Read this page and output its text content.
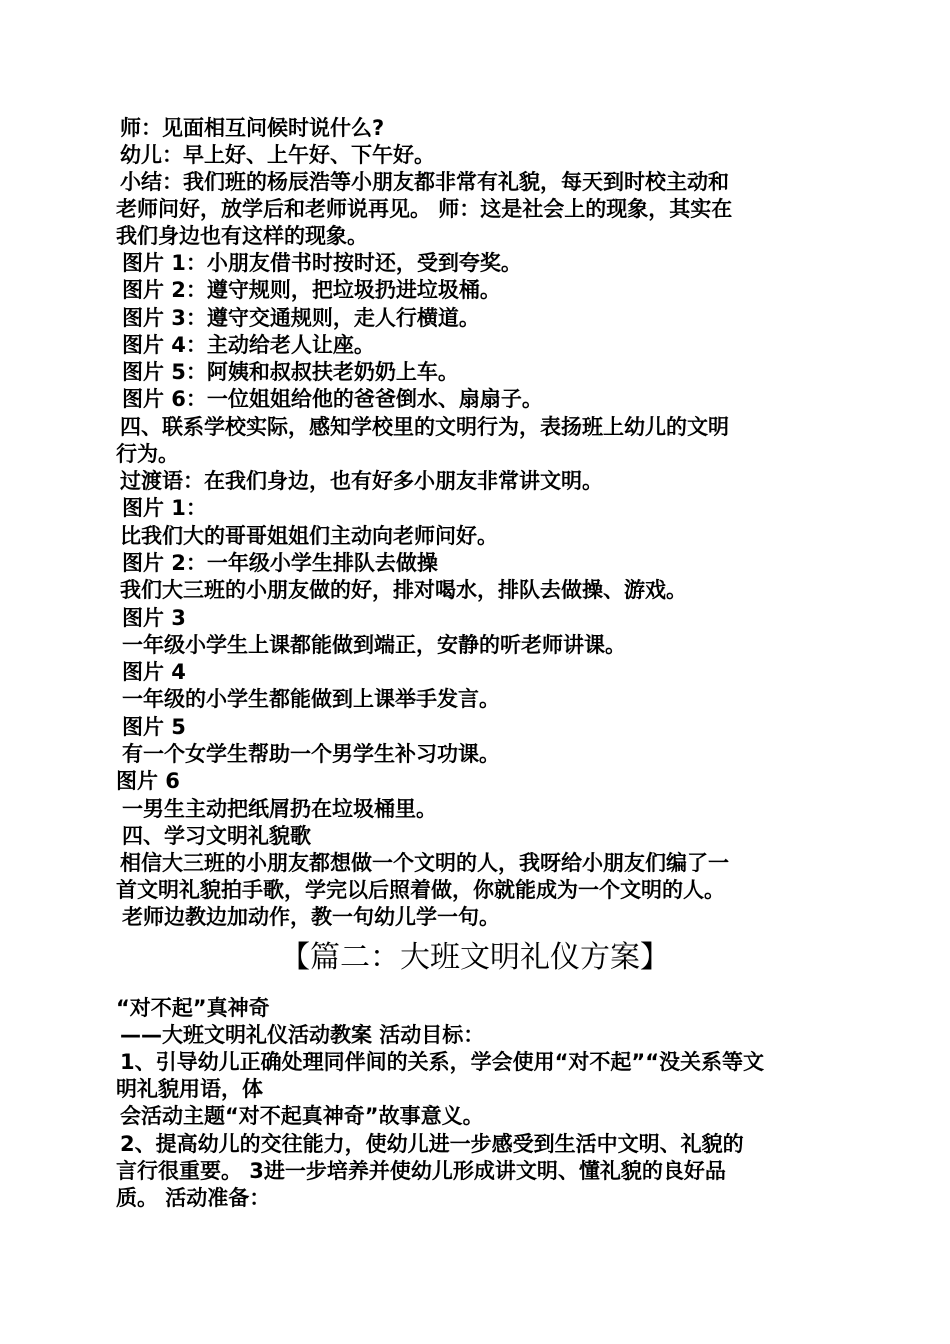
师：见面相互问候时说什么?
幼儿：早上好、上午好、下午好。
小结：我们班的杨辰浩等小朋友都非常有礼貌，每天到时校主动和
老师问好，放学后和老师说再见。 师：这是社会上的现象，其实在
我们身边也有这样的现象。
图片 1：小朋友借书时按时还，受到夸奖。
图片 2：遵守规则，把垃圾扔进垃圾桶。
图片 3：遵守交通规则，走人行横道。
图片 4：主动给老人让座。
图片 5：阿姨和叔叔扶老奶奶上车。
图片 6：一位姐姐给他的爸爸倒水、扇扇子。
四、联系学校实际，感知学校里的文明行为，表扬班上幼儿的文明
行为。
过渡语：在我们身边，也有好多小朋友非常讲文明。
图片 1：
比我们大的哥哥姐姐们主动向老师问好。
图片 2：一年级小学生排队去做操
我们大三班的小朋友做的好，排对喝水，排队去做操、游戏。
图片 3
一年级小学生上课都能做到端正，安静的听老师讲课。
图片 4
一年级的小学生都能做到上课举手发言。
图片 5
有一个女学生帮助一个男学生补习功课。
图片 6
一男生主动把纸屑扔在垃圾桶里。
四、学习文明礼貌歌
相信大三班的小朋友都想做一个文明的人，我呀给小朋友们编了一
首文明礼貌拍手歌，学完以后照着做，你就能成为一个文明的人。
老师边教边加动作，教一句幼儿学一句。
【篇二：大班文明礼仪方案】
“对不起”真神奇
——大班文明礼仪活动教案 活动目标：
1、引导幼儿正确处理同伴间的关系，学会使用“对不起”“没关系等文
明礼貌用语，体
会活动主题“对不起真神奇”故事意义。
2、提高幼儿的交往能力，使幼儿进一步感受到生活中文明、礼貌的
言行很重要。 3进一步培养并使幼儿形成讲文明、懂礼貌的良好品
质。 活动准备：
